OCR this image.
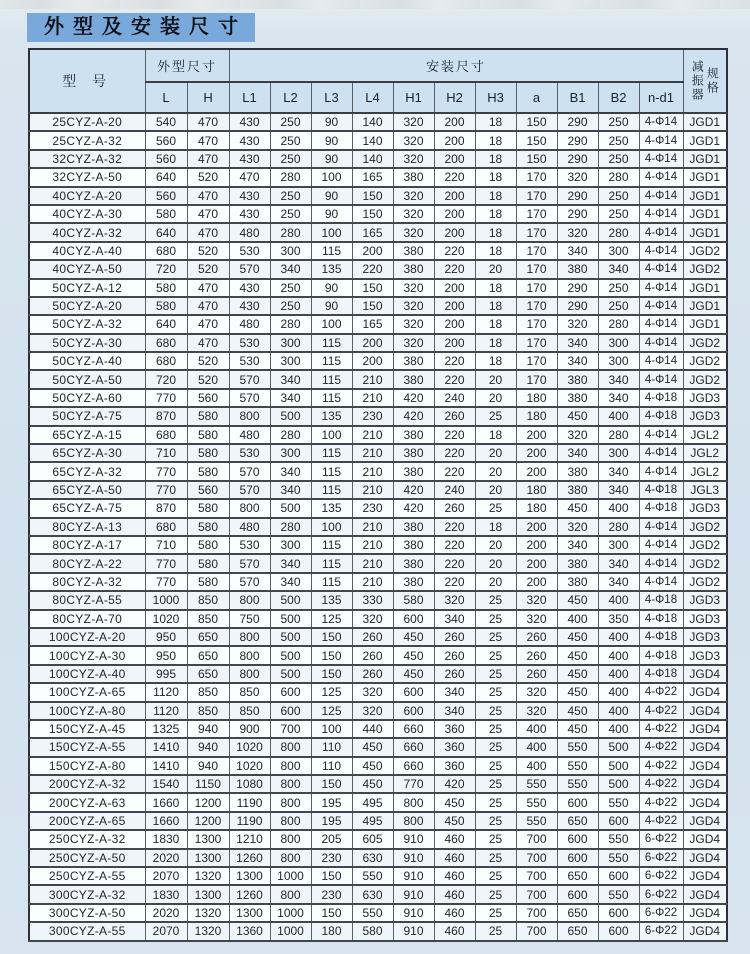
外型及安装尺寸
型 号	外型尺寸		安装尺寸											减振器 规格

	L	H	L1	L2	L3	L4	H1	H2	H3	a	B1	B2	n-d1	
25CYZ-A-20	540	470	430	250	90	140	320	200	18	150	290	250	4-Φ14	JGD1
25CYZ-A-32	560	470	430	250	90	140	320	200	18	150	290	250	4-Φ14	JGD1
32CYZ-A-32	560	470	430	250	90	140	320	200	18	150	290	250	4-Φ14	JGD1
32CYZ-A-50	640	520	470	280	100	165	380	220	18	170	320	280	4-Φ14	JGD1
40CYZ-A-20	560	470	430	250	90	150	320	200	18	170	290	250	4-Φ14	JGD1
40CYZ-A-30	580	470	430	250	90	150	320	200	18	170	290	250	4-Φ14	JGD1
40CYZ-A-32	640	470	480	280	100	165	320	200	18	170	320	280	4-Φ14	JGD1
40CYZ-A-40	680	520	530	300	115	200	380	220	18	170	340	300	4-Φ14	JGD2
40CYZ-A-50	720	520	570	340	135	220	380	220	20	170	380	340	4-Φ14	JGD2
50CYZ-A-12	580	470	430	250	90	150	320	200	18	170	290	250	4-Φ14	JGD1
50CYZ-A-20	580	470	430	250	90	150	320	200	18	170	290	250	4-Φ14	JGD1
50CYZ-A-32	640	470	480	280	100	165	320	200	18	170	320	280	4-Φ14	JGD1
50CYZ-A-30	680	470	530	300	115	200	320	200	18	170	340	300	4-Φ14	JGD2
50CYZ-A-40	680	520	530	300	115	200	380	220	18	170	340	300	4-Φ14	JGD2
50CYZ-A-50	720	520	570	340	115	210	380	220	20	170	380	340	4-Φ14	JGD2
50CYZ-A-60	770	560	570	340	115	210	420	240	20	180	380	340	4-Φ18	JGD3
50CYZ-A-75	870	580	800	500	135	230	420	260	25	180	450	400	4-Φ18	JGD3
65CYZ-A-15	680	580	480	280	100	210	380	220	18	200	320	280	4-Φ14	JGL2
65CYZ-A-30	710	580	530	300	115	210	380	220	20	200	340	300	4-Φ14	JGL2
65CYZ-A-32	770	580	570	340	115	210	380	220	20	200	380	340	4-Φ14	JGL2
65CYZ-A-50	770	560	570	340	115	210	420	240	20	180	380	340	4-Φ18	JGL3
65CYZ-A-75	870	580	800	500	135	230	420	260	25	180	450	400	4-Φ18	JGD3
80CYZ-A-13	680	580	480	280	100	210	380	220	18	200	320	280	4-Φ14	JGD2
80CYZ-A-17	710	580	530	300	115	210	380	220	20	200	340	300	4-Φ14	JGD2
80CYZ-A-22	770	580	570	340	115	210	380	220	20	200	380	340	4-Φ14	JGD2
80CYZ-A-32	770	580	570	340	115	210	380	220	20	200	380	340	4-Φ14	JGD2
80CYZ-A-55	1000	850	800	500	135	330	580	320	25	320	450	400	4-Φ18	JGD3
80CYZ-A-70	1020	850	750	500	125	320	600	340	25	320	400	350	4-Φ18	JGD3
100CYZ-A-20	950	650	800	500	150	260	450	260	25	260	450	400	4-Φ18	JGD3
100CYZ-A-30	950	650	800	500	150	260	450	260	25	260	450	400	4-Φ18	JGD3
100CYZ-A-40	995	650	800	500	150	260	450	260	25	260	450	400	4-Φ18	JGD4
100CYZ-A-65	1120	850	850	600	125	320	600	340	25	320	450	400	4-Φ22	JGD4
100CYZ-A-80	1120	850	850	600	125	320	600	340	25	320	450	400	4-Φ22	JGD4
150CYZ-A-45	1325	940	900	700	100	440	660	360	25	400	450	400	4-Φ22	JGD4
150CYZ-A-55	1410	940	1020	800	110	450	660	360	25	400	550	500	4-Φ22	JGD4
150CYZ-A-80	1410	940	1020	800	110	450	660	360	25	400	550	500	4-Φ22	JGD4
200CYZ-A-32	1540	1150	1080	800	150	450	770	420	25	550	550	500	4-Φ22	JGD4
200CYZ-A-63	1660	1200	1190	800	195	495	800	450	25	550	600	550	4-Φ22	JGD4
200CYZ-A-65	1660	1200	1190	800	195	495	800	450	25	550	650	600	4-Φ22	JGD4
250CYZ-A-32	1830	1300	1210	800	205	605	910	460	25	700	600	550	6-Φ22	JGD4
250CYZ-A-50	2020	1300	1260	800	230	630	910	460	25	700	600	550	6-Φ22	JGD4
250CYZ-A-55	2070	1320	1300	1000	150	550	910	460	25	700	650	600	6-Φ22	JGD4
300CYZ-A-32	1830	1300	1260	800	230	630	910	460	25	700	600	550	6-Φ22	JGD4
300CYZ-A-50	2020	1320	1300	1000	150	550	910	460	25	700	650	600	6-Φ22	JGD4
300CYZ-A-55	2070	1320	1360	1000	180	580	910	460	25	700	650	600	6-Φ22	JGD4
